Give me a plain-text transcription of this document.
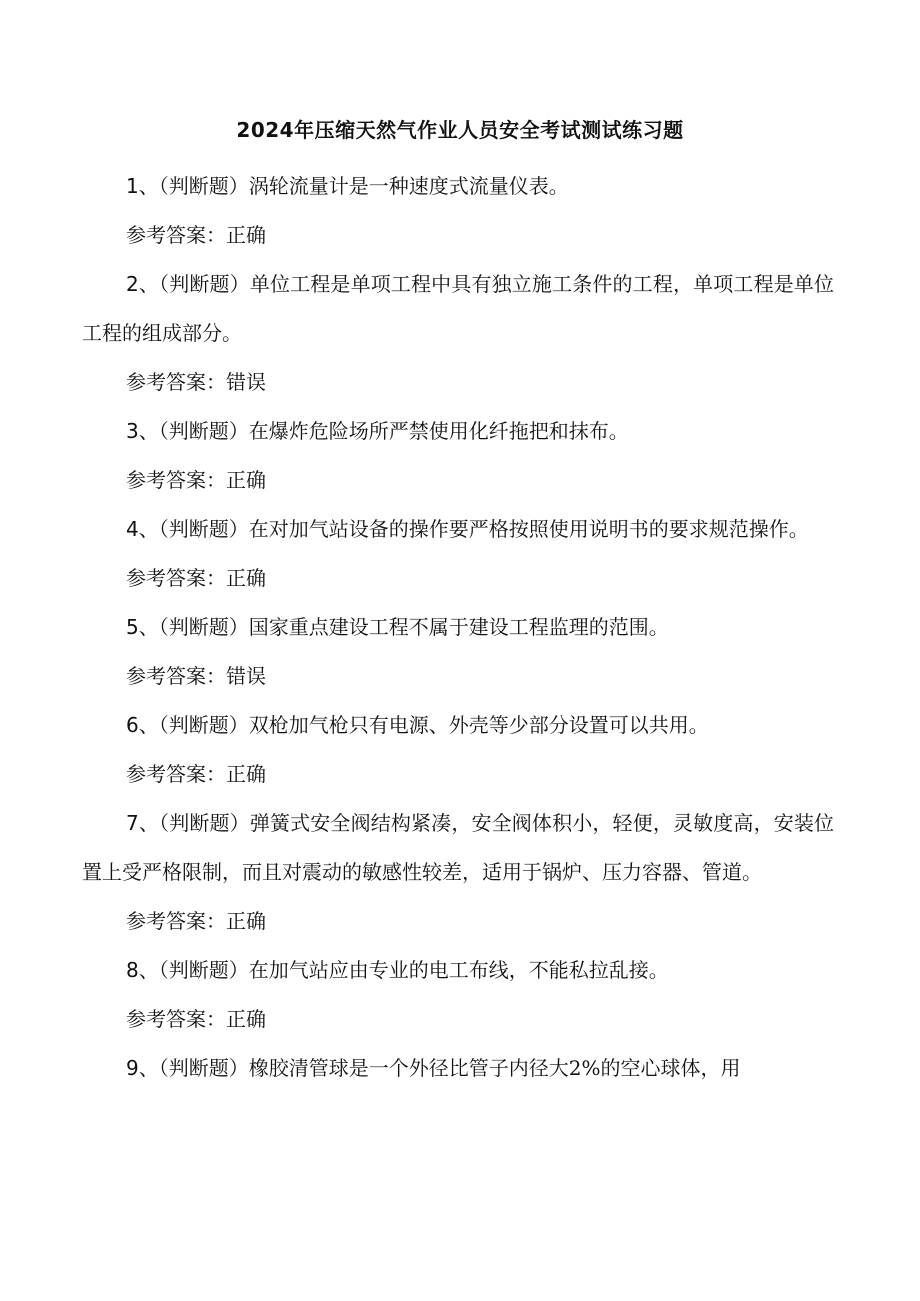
2024年压缩天然气作业人员安全考试测试练习题

1、（判断题）涡轮流量计是一种速度式流量仪表。

参考答案：正确

2、（判断题）单位工程是单项工程中具有独立施工条件的工程，单项工程是单位工程的组成部分。

参考答案：错误

3、（判断题）在爆炸危险场所严禁使用化纤拖把和抹布。

参考答案：正确

4、（判断题）在对加气站设备的操作要严格按照使用说明书的要求规范操作。

参考答案：正确

5、（判断题）国家重点建设工程不属于建设工程监理的范围。

参考答案：错误

6、（判断题）双枪加气枪只有电源、外壳等少部分设置可以共用。

参考答案：正确

7、（判断题）弹簧式安全阀结构紧凑，安全阀体积小，轻便，灵敏度高，安装位置上受严格限制，而且对震动的敏感性较差，适用于锅炉、压力容器、管道。

参考答案：正确

8、（判断题）在加气站应由专业的电工布线，不能私拉乱接。

参考答案：正确

9、（判断题）橡胶清管球是一个外径比管子内径大2%的空心球体，用
